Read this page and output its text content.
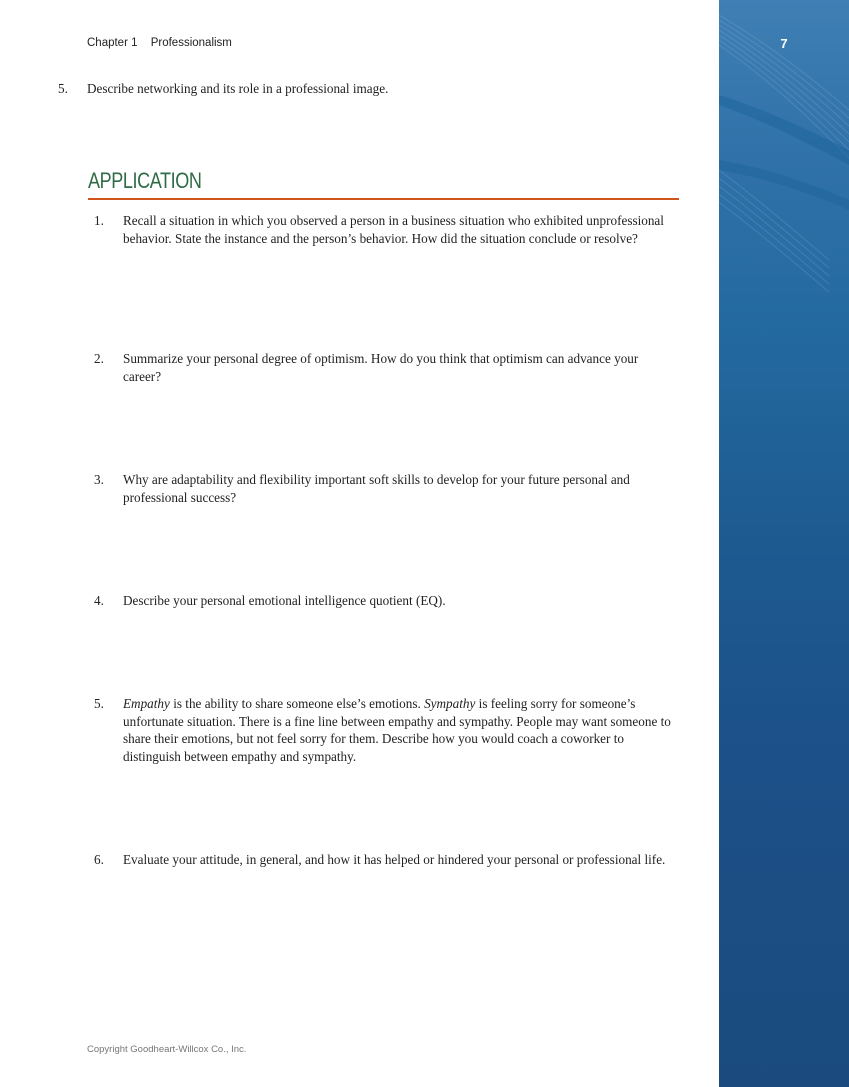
Chapter 1 Professionalism
5. Describe networking and its role in a professional image.
APPLICATION
1. Recall a situation in which you observed a person in a business situation who exhibited unprofessional behavior. State the instance and the person’s behavior. How did the situation conclude or resolve?
2. Summarize your personal degree of optimism. How do you think that optimism can advance your career?
3. Why are adaptability and flexibility important soft skills to develop for your future personal and professional success?
4. Describe your personal emotional intelligence quotient (EQ).
5. Empathy is the ability to share someone else’s emotions. Sympathy is feeling sorry for someone’s unfortunate situation. There is a fine line between empathy and sympathy. People may want someone to share their emotions, but not feel sorry for them. Describe how you would coach a coworker to distinguish between empathy and sympathy.
6. Evaluate your attitude, in general, and how it has helped or hindered your personal or professional life.
Copyright Goodheart-Willcox Co., Inc.
7
